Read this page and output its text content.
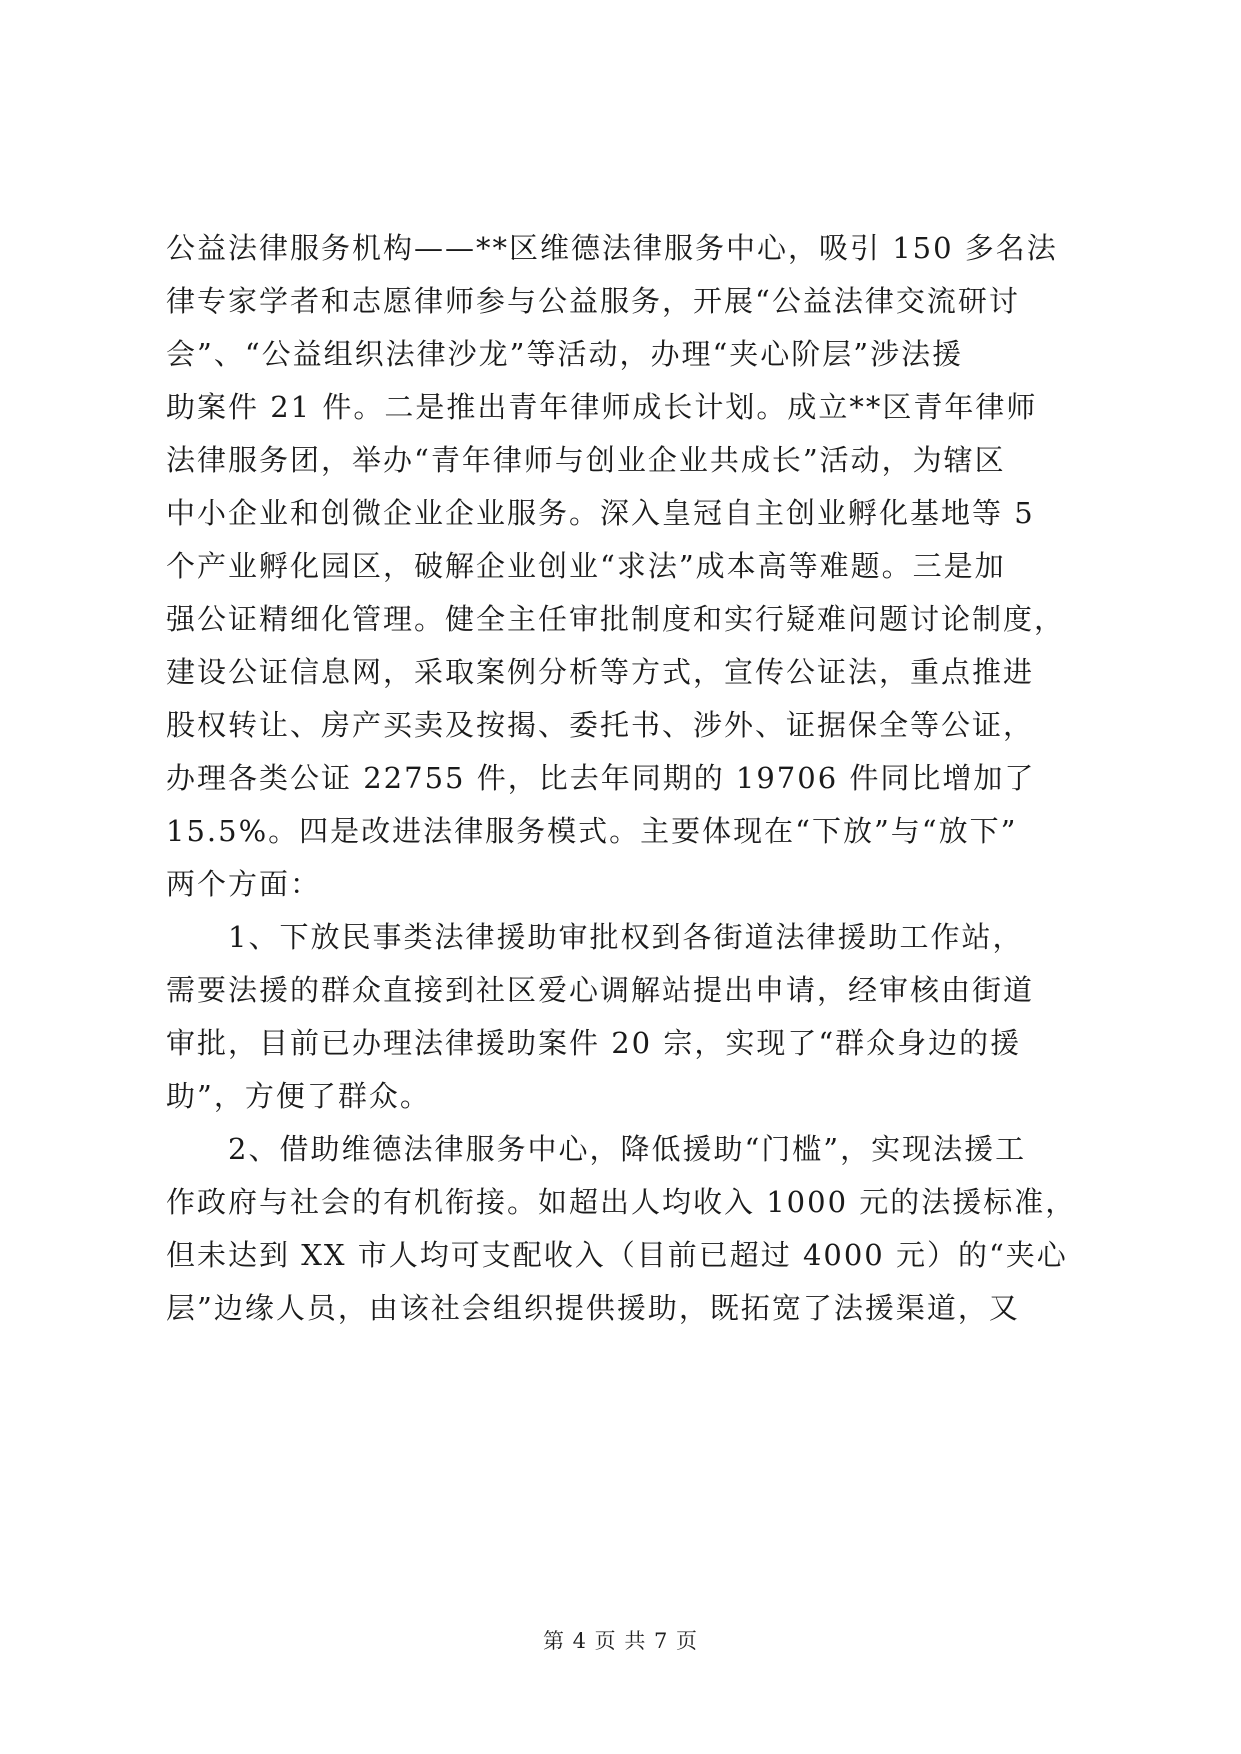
公益法律服务机构——**区维德法律服务中心，吸引 150 多名法
律专家学者和志愿律师参与公益服务，开展“公益法律交流研讨
会”、“公益组织法律沙龙”等活动，办理“夹心阶层”涉法援
助案件 21 件。二是推出青年律师成长计划。成立**区青年律师
法律服务团，举办“青年律师与创业企业共成长”活动，为辖区
中小企业和创微企业企业服务。深入皇冠自主创业孵化基地等 5
个产业孵化园区，破解企业创业“求法”成本高等难题。三是加
强公证精细化管理。健全主任审批制度和实行疑难问题讨论制度，
建设公证信息网，采取案例分析等方式，宣传公证法，重点推进
股权转让、房产买卖及按揭、委托书、涉外、证据保全等公证，
办理各类公证 22755 件，比去年同期的 19706 件同比增加了
15.5%。四是改进法律服务模式。主要体现在“下放”与“放下”
两个方面：
　　1、下放民事类法律援助审批权到各街道法律援助工作站，
需要法援的群众直接到社区爱心调解站提出申请，经审核由街道
审批，目前已办理法律援助案件 20 宗，实现了“群众身边的援
助”，方便了群众。
　　2、借助维德法律服务中心，降低援助“门槛”，实现法援工
作政府与社会的有机衔接。如超出人均收入 1000 元的法援标准，
但未达到 XX 市人均可支配收入（目前已超过 4000 元）的“夹心
层”边缘人员，由该社会组织提供援助，既拓宽了法援渠道，又
第 4 页 共 7 页
